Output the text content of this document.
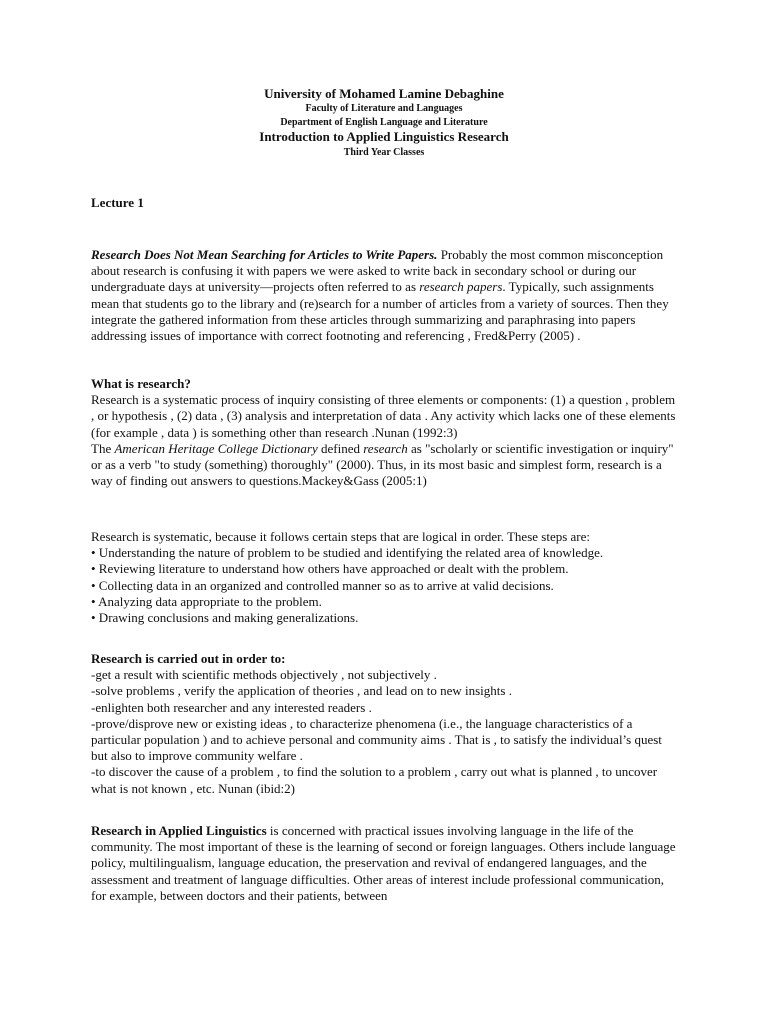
University of Mohamed Lamine Debaghine
Faculty of Literature and Languages
Department of English Language and Literature
Introduction to Applied Linguistics Research
Third Year Classes
Lecture 1

Research Does Not Mean Searching for Articles to Write Papers. Probably the most common misconception about research is confusing it with papers we were asked to write back in secondary school or during our undergraduate days at university—projects often referred to as research papers. Typically, such assignments mean that students go to the library and (re)search for a number of articles from a variety of sources. Then they integrate the gathered information from these articles through summarizing and paraphrasing into papers addressing issues of importance with correct footnoting and referencing , Fred&Perry (2005) .

What is research?

Research is a systematic process of inquiry consisting of three elements or components: (1) a question , problem , or hypothesis , (2) data , (3) analysis and interpretation of data . Any activity which lacks one of these elements (for example , data ) is something other than research .Nunan (1992:3)

The American Heritage College Dictionary defined research as "scholarly or scientific investigation or inquiry" or as a verb "to study (something) thoroughly" (2000). Thus, in its most basic and simplest form, research is a way of finding out answers to questions.Mackey&Gass (2005:1)

Research is systematic, because it follows certain steps that are logical in order. These steps are:

• Understanding the nature of problem to be studied and identifying the related area of knowledge.

• Reviewing literature to understand how others have approached or dealt with the problem.

• Collecting data in an organized and controlled manner so as to arrive at valid decisions.

• Analyzing data appropriate to the problem.

• Drawing conclusions and making generalizations.

Research is carried out in order to:

-get a result with scientific methods objectively , not subjectively .

-solve problems , verify the application of theories , and lead on to new insights .

-enlighten both researcher and any interested readers .

-prove/disprove new or existing ideas , to characterize phenomena (i.e., the language characteristics of a particular population ) and to achieve personal and community aims . That is , to satisfy the individual’s quest but also to improve community welfare .

-to discover the cause of a problem , to find the solution to a problem , carry out what is planned , to uncover what is not known , etc. Nunan (ibid:2)

Research in Applied Linguistics is concerned with practical issues involving language in the life of the community. The most important of these is the learning of second or foreign languages. Others include language policy, multilingualism, language education, the preservation and revival of endangered languages, and the assessment and treatment of language difficulties. Other areas of interest include professional communication, for example, between doctors and their patients, between
